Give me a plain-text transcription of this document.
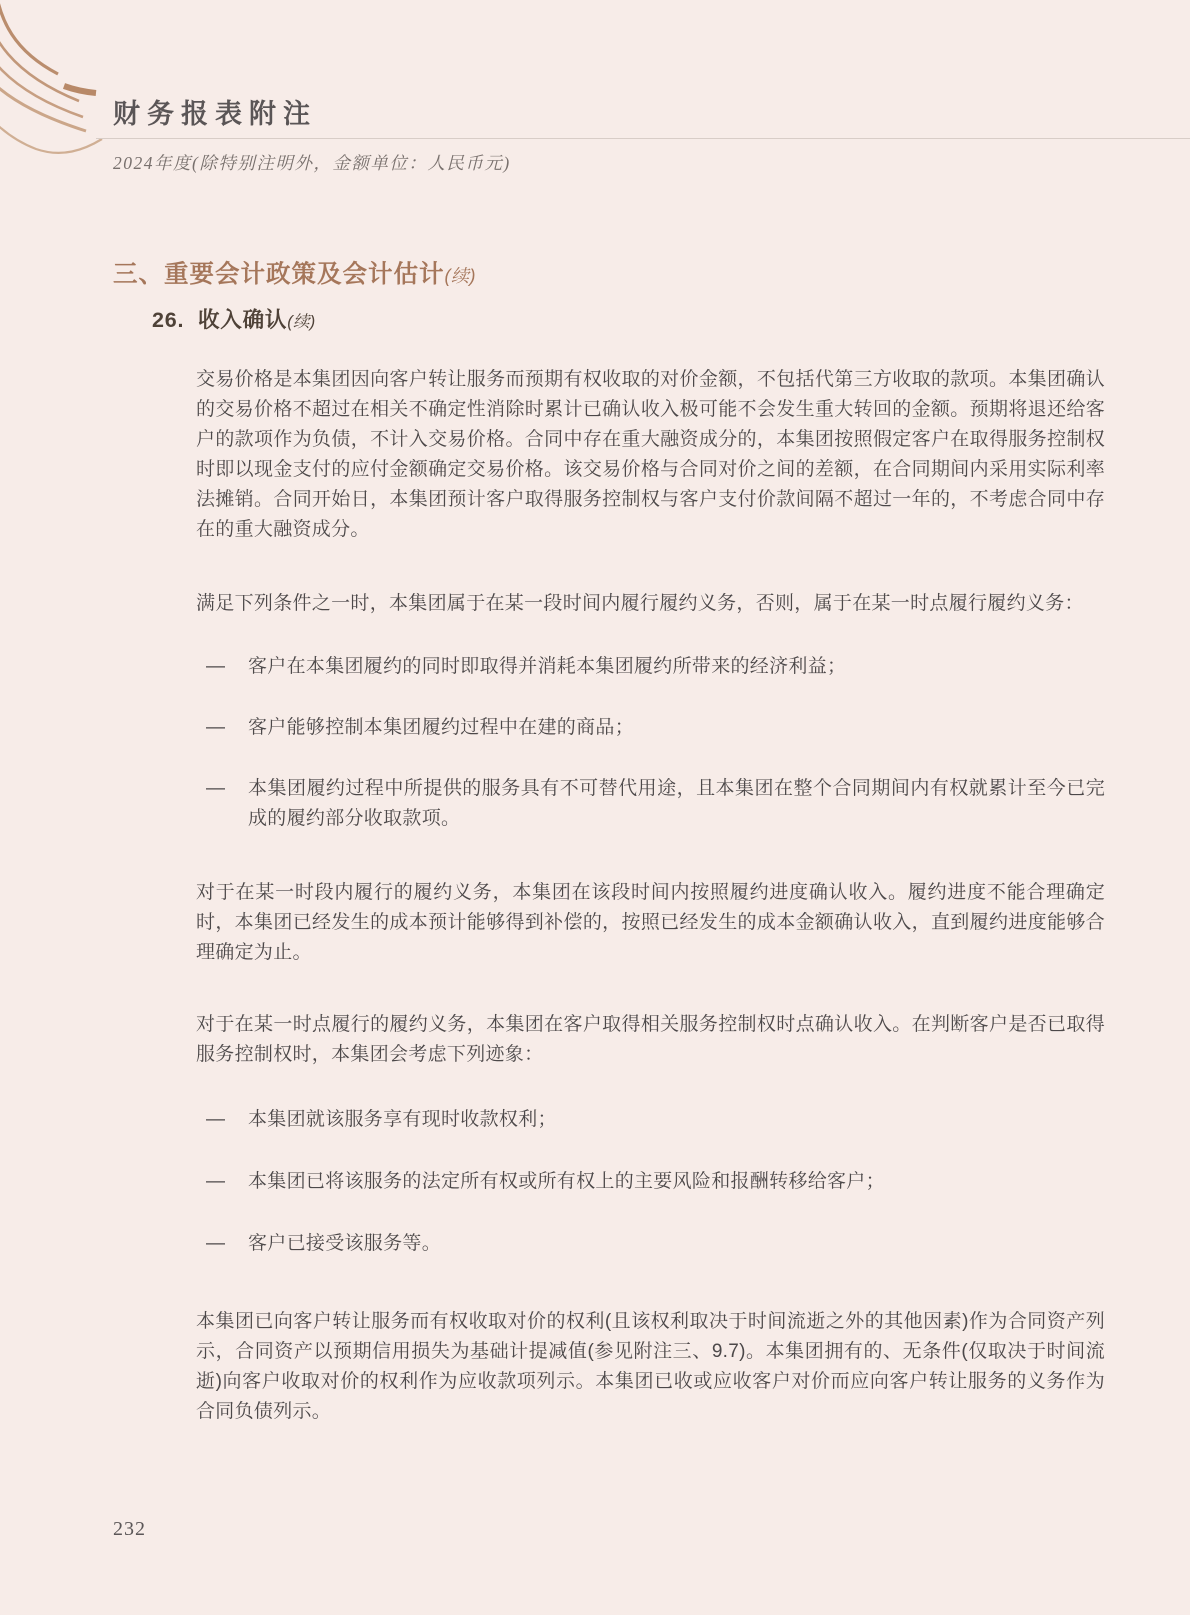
财务报表附注
2024年度(除特别注明外，金额单位：人民币元)
三、重要会计政策及会计估计(续)
26. 收入确认(续)

交易价格是本集团因向客户转让服务而预期有权收取的对价金额，不包括代第三方收取的款项。本集团确认的交易价格不超过在相关不确定性消除时累计已确认收入极可能不会发生重大转回的金额。预期将退还给客户的款项作为负债，不计入交易价格。合同中存在重大融资成分的，本集团按照假定客户在取得服务控制权时即以现金支付的应付金额确定交易价格。该交易价格与合同对价之间的差额，在合同期间内采用实际利率法摊销。合同开始日，本集团预计客户取得服务控制权与客户支付价款间隔不超过一年的，不考虑合同中存在的重大融资成分。

满足下列条件之一时，本集团属于在某一段时间内履行履约义务，否则，属于在某一时点履行履约义务：

—	客户在本集团履约的同时即取得并消耗本集团履约所带来的经济利益；
—	客户能够控制本集团履约过程中在建的商品；
—	本集团履约过程中所提供的服务具有不可替代用途，且本集团在整个合同期间内有权就累计至今已完成的履约部分收取款项。

对于在某一时段内履行的履约义务，本集团在该段时间内按照履约进度确认收入。履约进度不能合理确定时，本集团已经发生的成本预计能够得到补偿的，按照已经发生的成本金额确认收入，直到履约进度能够合理确定为止。

对于在某一时点履行的履约义务，本集团在客户取得相关服务控制权时点确认收入。在判断客户是否已取得服务控制权时，本集团会考虑下列迹象：

—	本集团就该服务享有现时收款权利；
—	本集团已将该服务的法定所有权或所有权上的主要风险和报酬转移给客户；
—	客户已接受该服务等。

本集团已向客户转让服务而有权收取对价的权利(且该权利取决于时间流逝之外的其他因素)作为合同资产列示，合同资产以预期信用损失为基础计提减值(参见附注三、9.7)。本集团拥有的、无条件(仅取决于时间流逝)向客户收取对价的权利作为应收款项列示。本集团已收或应收客户对价而应向客户转让服务的义务作为合同负债列示。

232
